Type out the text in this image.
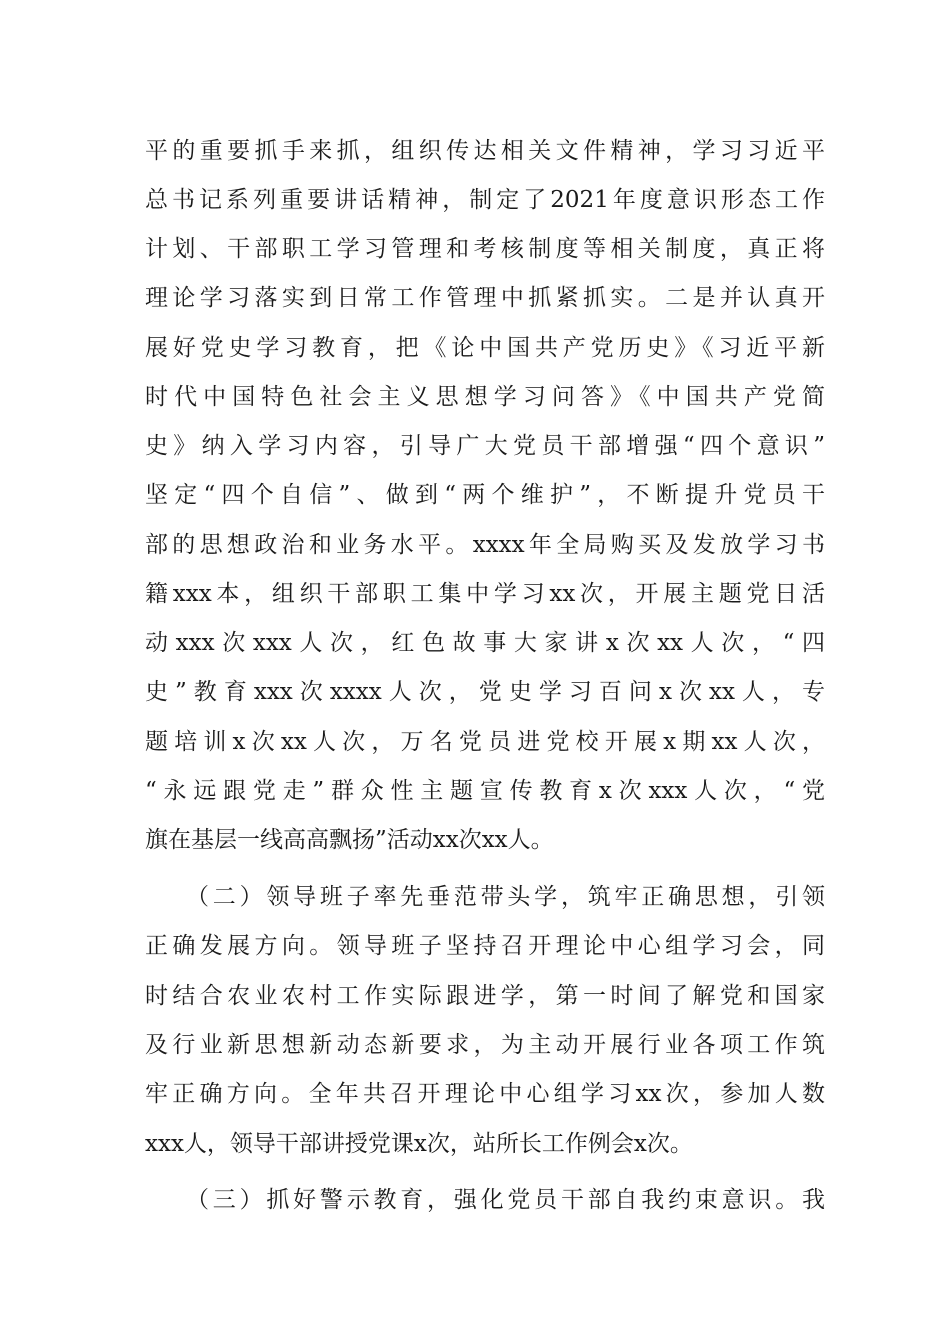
平的重要抓手来抓，组织传达相关文件精神，学习习近平
总书记系列重要讲话精神，制定了2021年度意识形态工作
计划、干部职工学习管理和考核制度等相关制度，真正将
理论学习落实到日常工作管理中抓紧抓实。二是并认真开
展好党史学习教育，把《论中国共产党历史》《习近平新
时代中国特色社会主义思想学习问答》《中国共产党简
史》纳入学习内容，引导广大党员干部增强“四个意识”
坚定“四个自信”、做到“两个维护”，不断提升党员干
部的思想政治和业务水平。xxxx年全局购买及发放学习书
籍xxx本，组织干部职工集中学习xx次，开展主题党日活
动xxx次xxx人次，红色故事大家讲x次xx人次，“四
史”教育xxx次xxxx人次，党史学习百问x次xx人，专
题培训x次xx人次，万名党员进党校开展x期xx人次，
“永远跟党走”群众性主题宣传教育x次xxx人次，“党
旗在基层一线高高飘扬”活动xx次xx人。
（二）领导班子率先垂范带头学，筑牢正确思想，引领
正确发展方向。领导班子坚持召开理论中心组学习会，同
时结合农业农村工作实际跟进学，第一时间了解党和国家
及行业新思想新动态新要求，为主动开展行业各项工作筑
牢正确方向。全年共召开理论中心组学习xx次，参加人数
xxx人，领导干部讲授党课x次，站所长工作例会x次。
（三）抓好警示教育，强化党员干部自我约束意识。我
